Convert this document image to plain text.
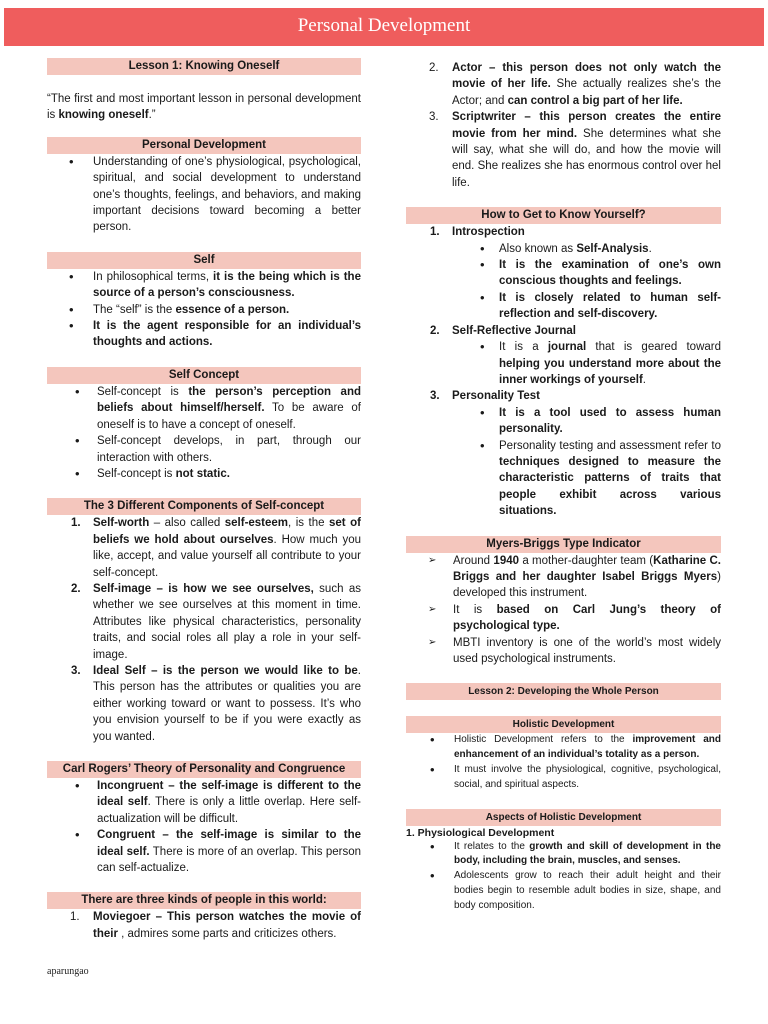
Personal Development
Lesson 1: Knowing Oneself

“The first and most important lesson in personal development is knowing oneself.”

Personal Development
• Understanding of one’s physiological, psychological, spiritual, and social development to understand one’s thoughts, feelings, and behaviors, and making important decisions toward becoming a better person.
Self
• In philosophical terms, it is the being which is the source of a person’s consciousness.
• The “self” is the essence of a person.
• It is the agent responsible for an individual’s thoughts and actions.
Self Concept
• Self-concept is the person’s perception and beliefs about himself/herself. To be aware of oneself is to have a concept of oneself.
• Self-concept develops, in part, through our interaction with others.
• Self-concept is not static.
The 3 Different Components of Self-concept
1. Self-worth – also called self-esteem, is the set of beliefs we hold about ourselves. How much you like, accept, and value yourself all contribute to your self-concept.
2. Self-image – is how we see ourselves, such as whether we see ourselves at this moment in time. Attributes like physical characteristics, personality traits, and social roles all play a role in your self-image.
3. Ideal Self – is the person we would like to be. This person has the attributes or qualities you are either working toward or want to possess. It’s who you envision yourself to be if you were exactly as you wanted.
Carl Rogers’ Theory of Personality and Congruence
• Incongruent – the self-image is different to the ideal self. There is only a little overlap. Here self-actualization will be difficult.
• Congruent – the self-image is similar to the ideal self. There is more of an overlap. This person can self-actualize.
There are three kinds of people in this world:
1. Moviegoer – This person watches the movie of their , admires some parts and criticizes others.
2. Actor – this person does not only watch the movie of her life. She actually realizes she’s the Actor; and can control a big part of her life.
3. Scriptwriter – this person creates the entire movie from her mind. She determines what she will say, what she will do, and how the movie will end. She realizes she has enormous control over hel life.
How to Get to Know Yourself?
1. Introspection
• Also known as Self-Analysis.
• It is the examination of one’s own conscious thoughts and feelings.
• It is closely related to human self-reflection and self-discovery.
2. Self-Reflective Journal
• It is a journal that is geared toward helping you understand more about the inner workings of yourself.
3. Personality Test
• It is a tool used to assess human personality.
• Personality testing and assessment refer to techniques designed to measure the characteristic patterns of traits that people exhibit across various situations.
Myers-Briggs Type Indicator
➢ Around 1940 a mother-daughter team (Katharine C. Briggs and her daughter Isabel Briggs Myers) developed this instrument.
➢ It is based on Carl Jung’s theory of psychological type.
➢ MBTI inventory is one of the world’s most widely used psychological instruments.
Lesson 2: Developing the Whole Person
Holistic Development
• Holistic Development refers to the improvement and enhancement of an individual’s totality as a person.
• It must involve the physiological, cognitive, psychological, social, and spiritual aspects.
Aspects of Holistic Development
1. Physiological Development
• It relates to the growth and skill of development in the body, including the brain, muscles, and senses.
• Adolescents grow to reach their adult height and their bodies begin to resemble adult bodies in size, shape, and body composition.
aparungao
